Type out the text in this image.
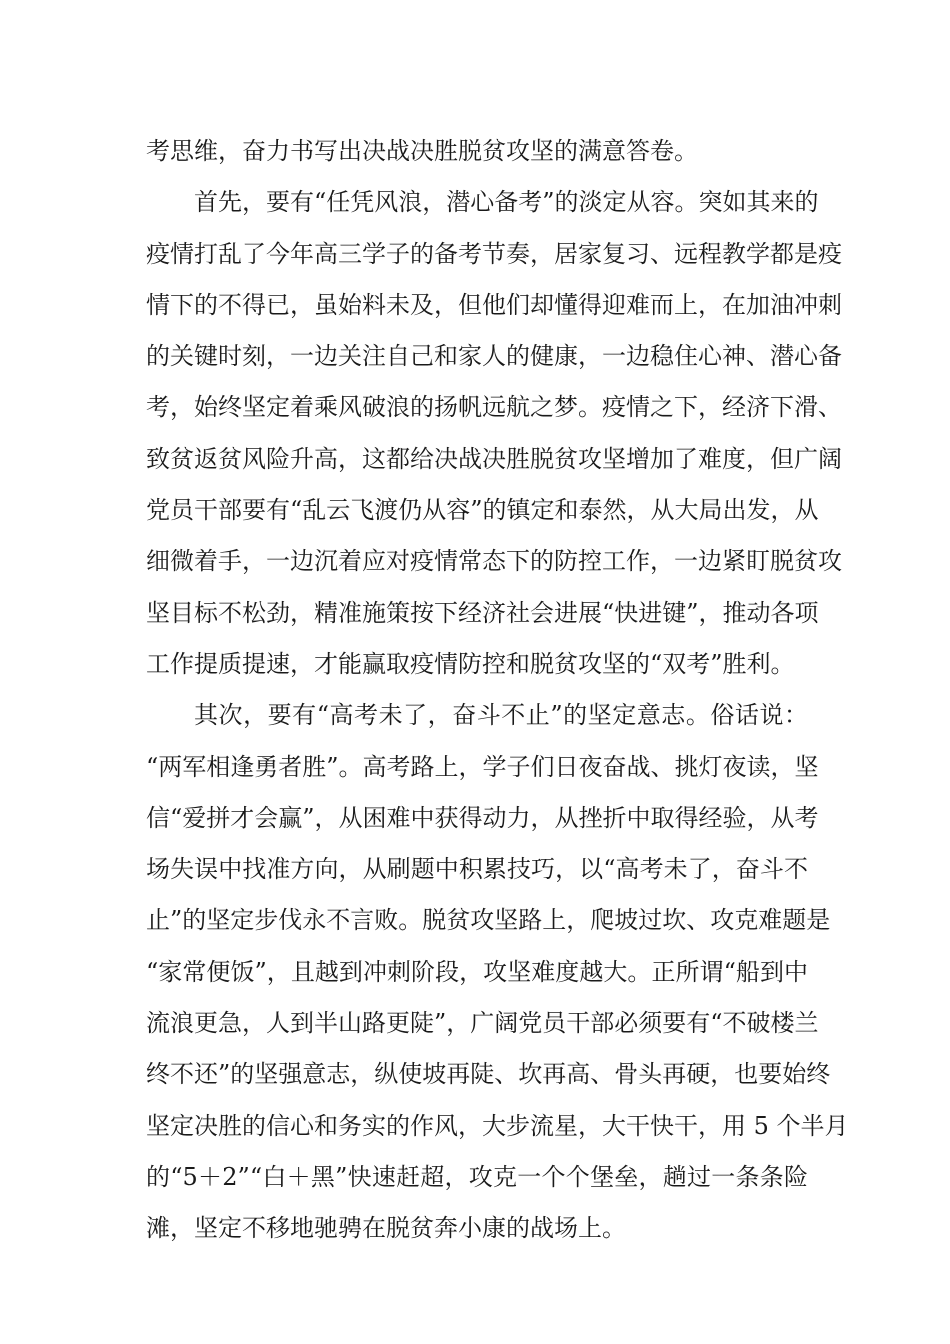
考思维，奋力书写出决战决胜脱贫攻坚的满意答卷。
首先，要有“任凭风浪，潜心备考”的淡定从容。突如其来的
疫情打乱了今年高三学子的备考节奏，居家复习、远程教学都是疫
情下的不得已，虽始料未及，但他们却懂得迎难而上，在加油冲刺
的关键时刻，一边关注自己和家人的健康，一边稳住心神、潜心备
考，始终坚定着乘风破浪的扬帆远航之梦。疫情之下，经济下滑、
致贫返贫风险升高，这都给决战决胜脱贫攻坚增加了难度，但广阔
党员干部要有“乱云飞渡仍从容”的镇定和泰然，从大局出发，从
细微着手，一边沉着应对疫情常态下的防控工作，一边紧盯脱贫攻
坚目标不松劲，精准施策按下经济社会进展“快进键”，推动各项
工作提质提速，才能赢取疫情防控和脱贫攻坚的“双考”胜利。
其次，要有“高考未了，奋斗不止”的坚定意志。俗话说：
“两军相逢勇者胜”。高考路上，学子们日夜奋战、挑灯夜读，坚
信“爱拼才会赢”，从困难中获得动力，从挫折中取得经验，从考
场失误中找准方向，从刷题中积累技巧，以“高考未了，奋斗不
止”的坚定步伐永不言败。脱贫攻坚路上，爬坡过坎、攻克难题是
“家常便饭”，且越到冲刺阶段，攻坚难度越大。正所谓“船到中
流浪更急，人到半山路更陡”，广阔党员干部必须要有“不破楼兰
终不还”的坚强意志，纵使坡再陡、坎再高、骨头再硬，也要始终
坚定决胜的信心和务实的作风，大步流星，大干快干，用 5 个半月
的“5＋2”“白＋黑”快速赶超，攻克一个个堡垒，趟过一条条险
滩，坚定不移地驰骋在脱贫奔小康的战场上。
